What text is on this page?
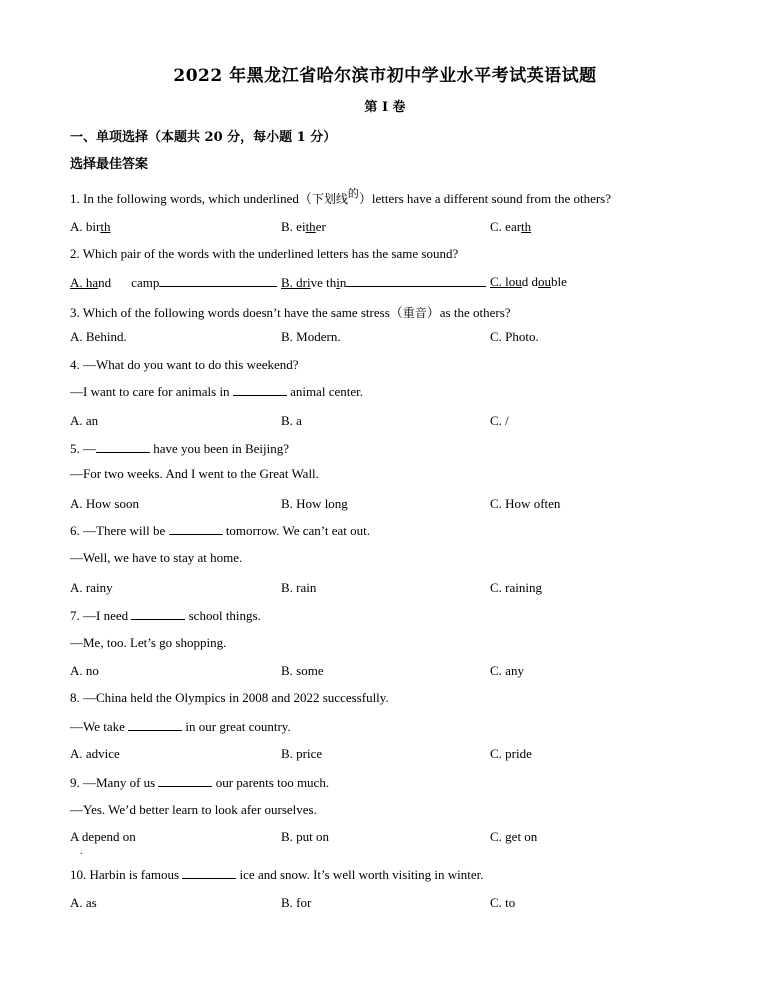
2022 年黑龙江省哈尔滨市初中学业水平考试英语试题
第 I 卷
一、单项选择（本题共 20 分，每小题 1 分）
选择最佳答案
1. In the following words, which underlined（下划线$^的$）letters have a different sound from the others?
A. birth	B. either	C. earth
2. Which pair of the words with the underlined letters has the same sound?
A. hand camp	B. drive thin	C. loud double
3. Which of the following words doesn’t have the same stress（重音）as the others?
A. Behind.	B. Modern.	C. Photo.
4. —What do you want to do this weekend?
—I want to care for animals in	animal center.
A. an	B. a	C. /
5. —	have you been in Beijing?
—For two weeks. And I went to the Great Wall.
A. How soon	B. How long	C. How often
6. —There will be	tomorrow. We can’t eat out.
—Well, we have to stay at home.
A. rainy	B. rain	C. raining
7. —I need	school things.
—Me, too. Let’s go shopping.
A. no	B. some	C. any
8. —China held the Olympics in 2008 and 2022 successfully.
—We take	in our great country.
A. advice	B. price	C. pride
9. —Many of us	our parents too much.
—Yes. We’d better learn to look afer ourselves.
A depend on
.
B. put on	C. get on
10. Harbin is famous	ice and snow. It’s well worth visiting in winter.
A. as	B. for	C. to
